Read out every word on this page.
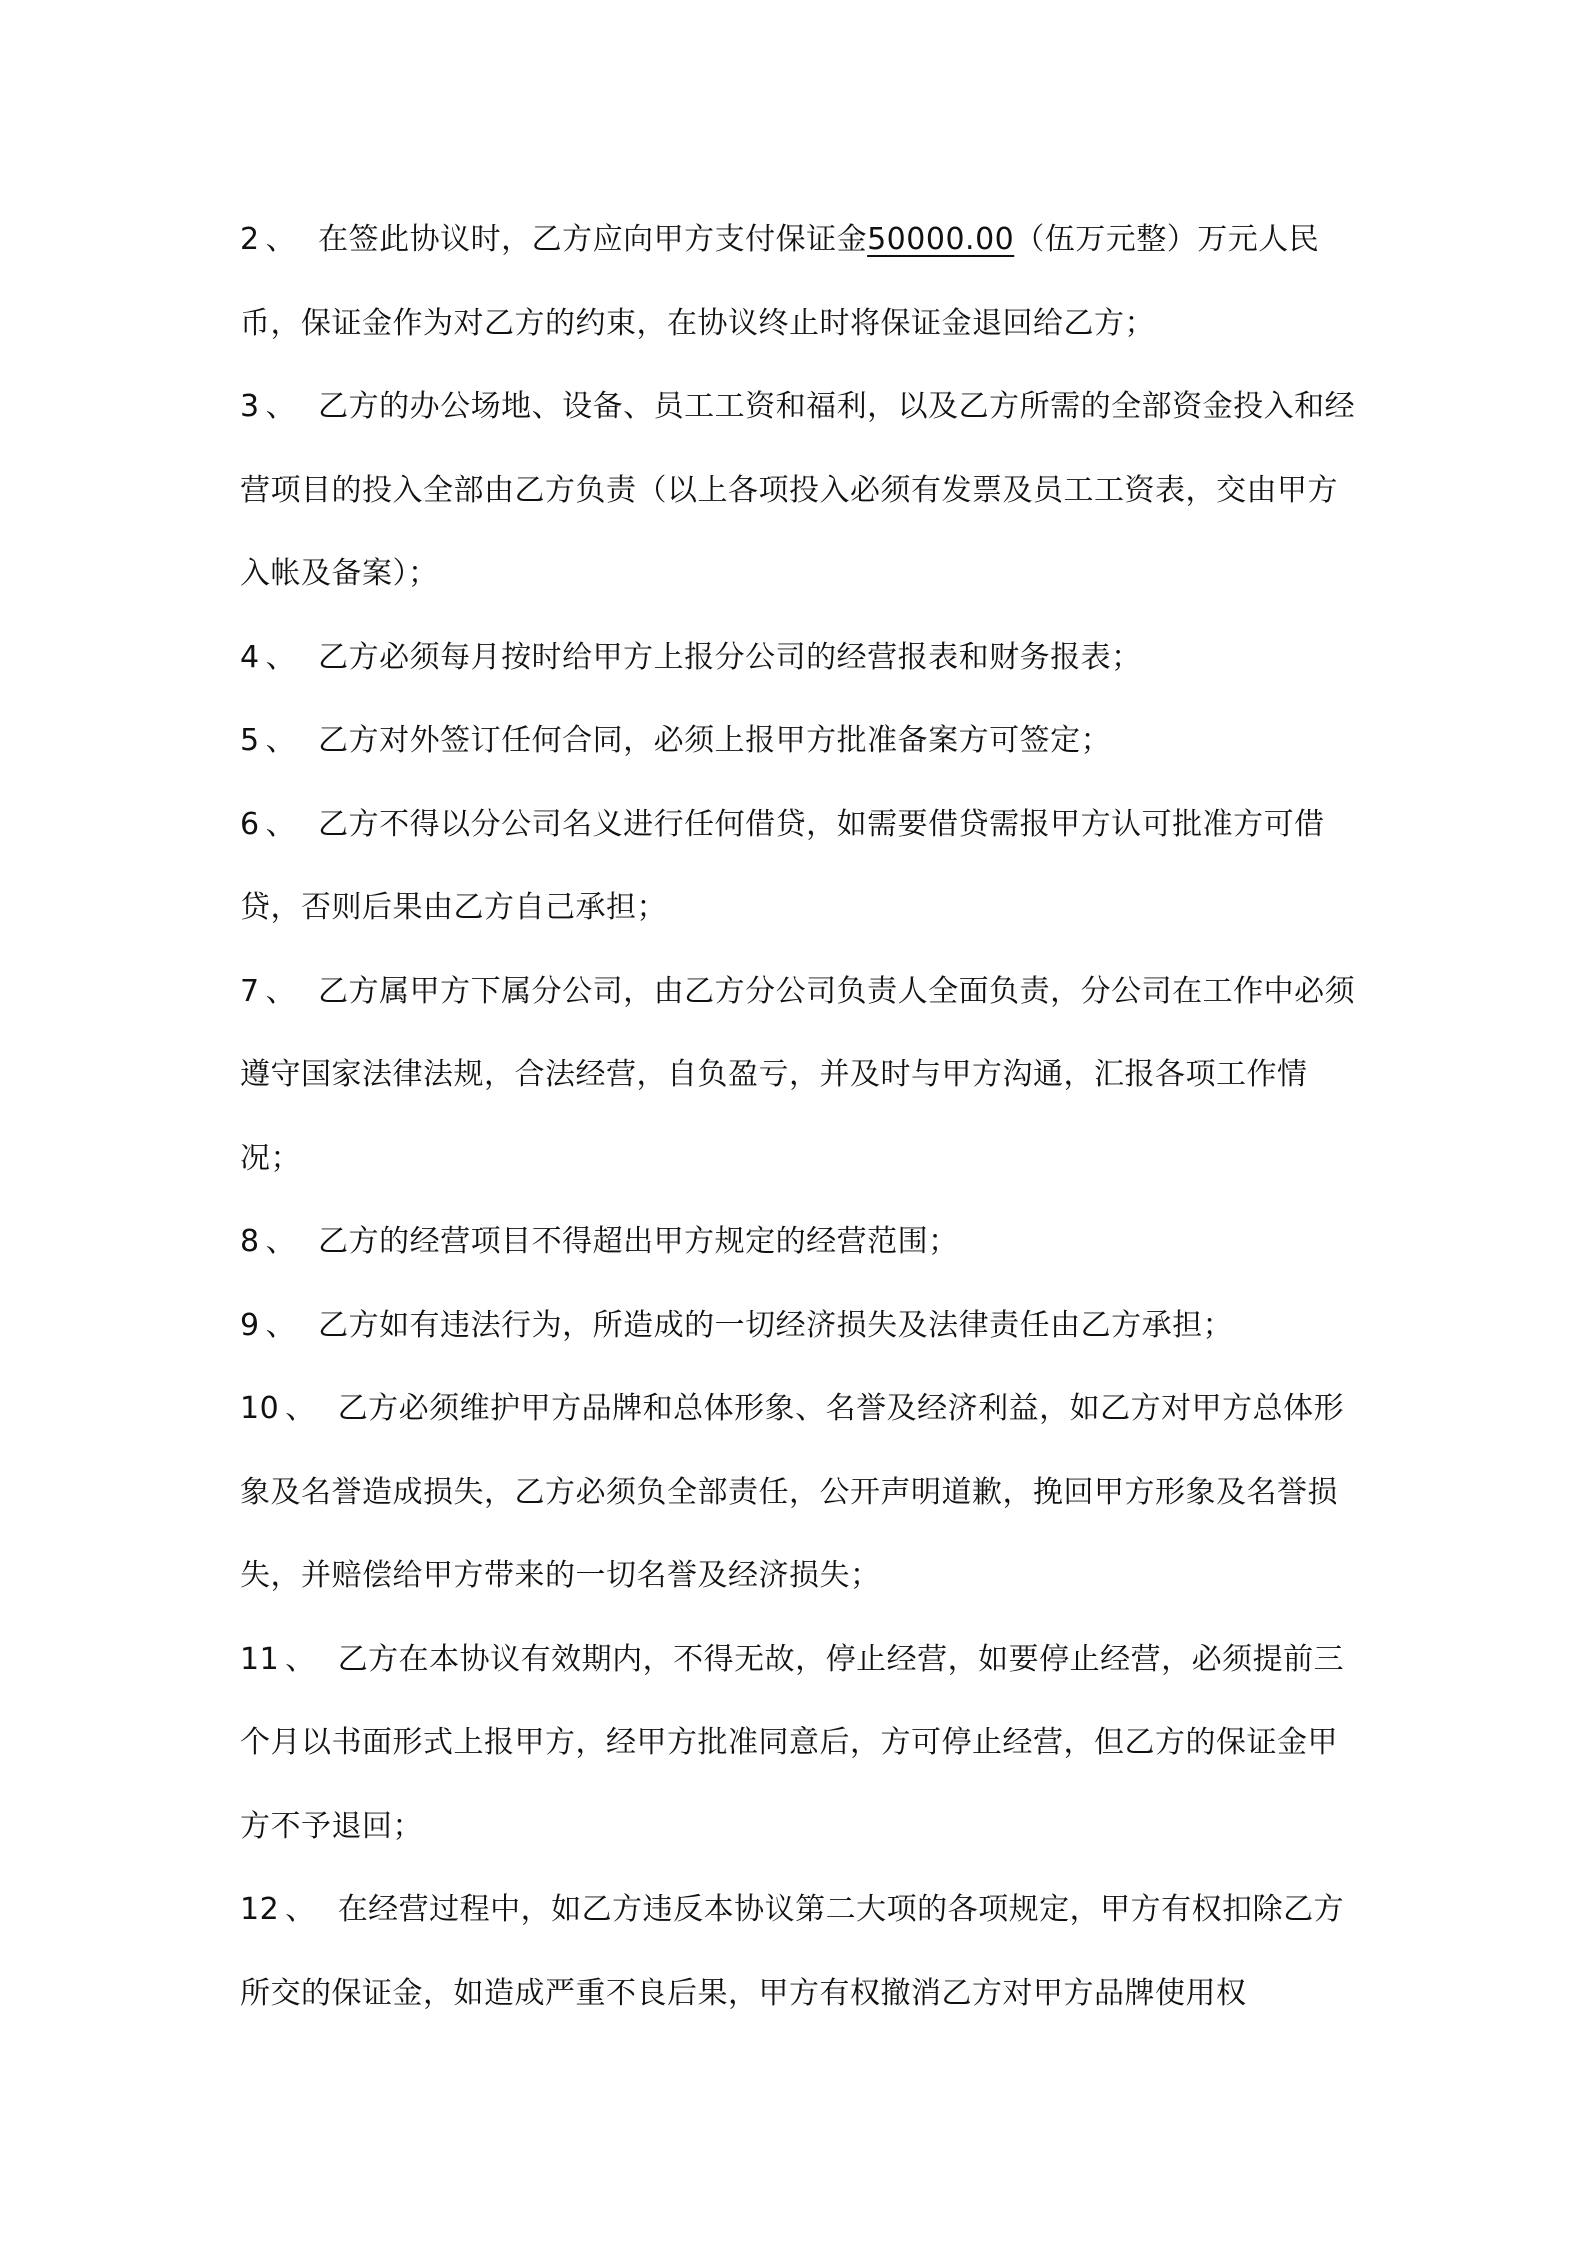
2 、 在签此协议时，乙方应向甲方支付保证金50000.00（伍万元整）万元人民币，保证金作为对乙方的约束，在协议终止时将保证金退回给乙方；

3 、 乙方的办公场地、设备、员工工资和福利，以及乙方所需的全部资金投入和经营项目的投入全部由乙方负责（以上各项投入必须有发票及员工工资表，交由甲方入帐及备案）；

4 、 乙方必须每月按时给甲方上报分公司的经营报表和财务报表；

5 、 乙方对外签订任何合同，必须上报甲方批准备案方可签定；

6 、 乙方不得以分公司名义进行任何借贷，如需要借贷需报甲方认可批准方可借贷，否则后果由乙方自己承担；

7 、 乙方属甲方下属分公司，由乙方分公司负责人全面负责，分公司在工作中必须遵守国家法律法规，合法经营，自负盈亏，并及时与甲方沟通，汇报各项工作情况；

8 、 乙方的经营项目不得超出甲方规定的经营范围；

9 、 乙方如有违法行为，所造成的一切经济损失及法律责任由乙方承担；

10 、 乙方必须维护甲方品牌和总体形象、名誉及经济利益，如乙方对甲方总体形象及名誉造成损失，乙方必须负全部责任，公开声明道歉，挽回甲方形象及名誉损失，并赔偿给甲方带来的一切名誉及经济损失；

11 、 乙方在本协议有效期内，不得无故，停止经营，如要停止经营，必须提前三个月以书面形式上报甲方，经甲方批准同意后，方可停止经营，但乙方的保证金甲方不予退回；

12 、 在经营过程中，如乙方违反本协议第二大项的各项规定，甲方有权扣除乙方所交的保证金，如造成严重不良后果，甲方有权撤消乙方对甲方品牌使用权
